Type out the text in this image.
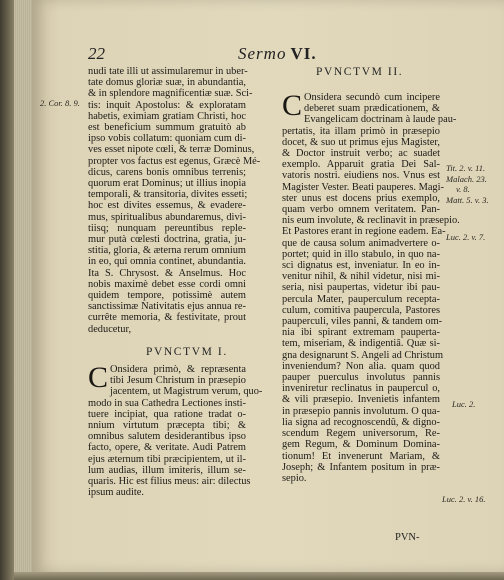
22	Sermo VI.
2. Cor. 8. 9.
nudi tate illi ut assimularemur in uber-
tate domus gloriæ suæ, in abundantia,
& in splendore magnificentiæ suæ. Sci-
tis: inquit Apostolus: & exploratam
habetis, eximiam gratiam Christi, hoc
est beneficium summum gratuitò ab
ipso vobis collatum: quoniam cum di-
ves esset nipote cœli, & terræ Dominus,
propter vos factus est egenus, Græcè Mé-
dicus, carens bonis omnibus terrenis;
quorum erat Dominus; ut illius inopia
temporali, & transitoria, divites esseti;
hoc est divites essemus, & evadere-
mus, spiritualibus abundaremus, divi-
tiisq; nunquam pereuntibus reple-
mur putà cœlesti doctrina, gratia, ju-
stitia, gloria, & æterna rerum omnium
in eo, qui omnia continet, abundantia.
Ita S. Chrysost. & Anselmus. Hoc
nobis maximè debet esse cordi omni
quidem tempore, potissimè autem
sanctissimæ Nativitatis ejus annua re-
currête memoria, & festivitate, prout
deducetur,
PVNCTVM I.
C Onsidera primò, & repræsenta
tibi Jesum Christum in præsepio
jacentem, ut Magistrum verum, quo-
modo in sua Cathedra Lectiones insti-
tuere incipiat, qua ratione tradat o-
nnium virtutum præcepta tibi; &
omnibus salutem desiderantibus ipso
facto, opere, & veritate. Audi Patrem
ejus æternum tibi præcipientem, ut il-
lum audias, illum imiteris, illum se-
quaris. Hic est filius meus: air: dilectus
ipsum audite.
PVNCTVM II.
C Onsidera secundò cum incipere
deberet suam prædicationem, &
Evangelicam doctrinam à laude pau-
pertatis, ita illam primò in præsepio
docet, & suo ut primus ejus Magister,
& Doctor instruit verbo; ac suadet
exemplo. Apparuit gratia Dei Sal-
vatoris nostri. eiudiens nos. Vnus est
Magister Vester. Beati pauperes. Magi-
ster unus est docens prius exemplo,
quam verbo omnem veritatem. Pan-
nis eum involute, & reclinavit in præsepio.
Et Pastores erant in regione eadem. Ea-
que de causa solum animadvertere o-
portet; quid in illo stabulo, in quo na-
sci dignatus est, inveniatur. In eo in-
venitur nihil, & nihil videtur, nisi mi-
seria, nisi paupertas, videtur ibi pau-
percula Mater, pauperculum recepta-
culum, comitiva paupercula, Pastores
pauperculi, viles panni, & tandem om-
nia ibi spirant extremam pauperta-
tem, miseriam, & indigentiâ. Quæ si-
gna designarunt S. Angeli ad Christum
inveniendum? Non alia. quam quod
pauper puerculus involutus pannis
inveniretur reclinatus in paupercul o,
& vili præsepio. Invenietis infantem
in præsepio pannis involutum. O qua-
lia signa ad recognoscendû, & digno-
scendum Regem universorum, Re-
gem Regum, & Dominum Domina-
tionum! Et invenerunt Mariam, &
Joseph; & Infantem positum in præ-
sepio.
Tit. 2. v. 11.
Malach. 23.
v. 8.
Matt. 5. v. 3.
Luc. 2. v. 7.
Luc. 2.
Luc. 2. v. 16.
PVN-
